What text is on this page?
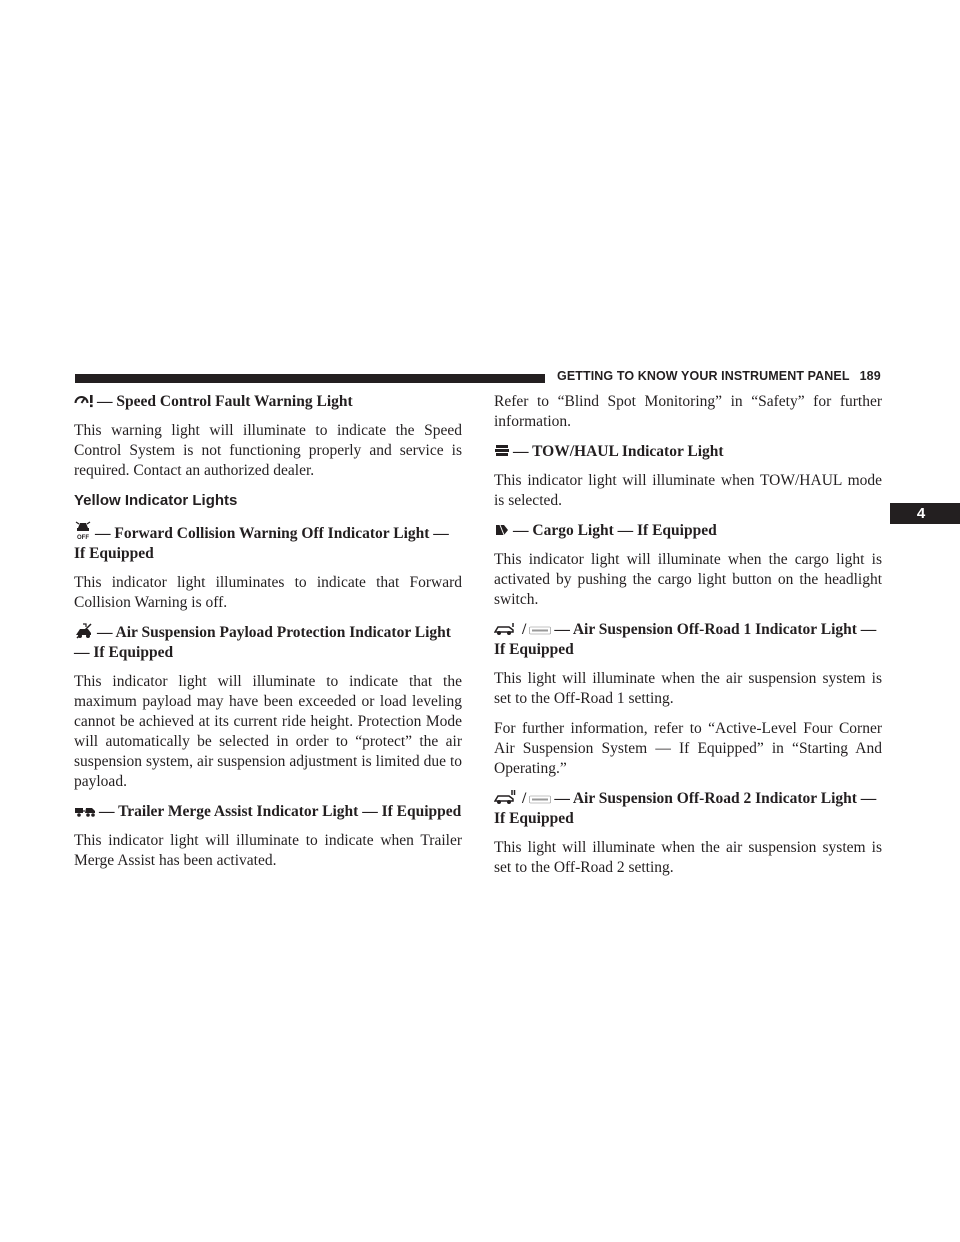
GETTING TO KNOW YOUR INSTRUMENT PANEL 189
4
— Speed Control Fault Warning Light

This warning light will illuminate to indicate the Speed Control System is not functioning properly and service is required. Contact an authorized dealer.

Yellow Indicator Lights
OFF — Forward Collision Warning Off Indicator Light — If Equipped

This indicator light illuminates to indicate that Forward Collision Warning is off.

— Air Suspension Payload Protection Indicator Light — If Equipped

This indicator light will illuminate to indicate that the maximum payload may have been exceeded or load leveling cannot be achieved at its current ride height. Protection Mode will automatically be selected in order to “protect” the air suspension system, air suspension adjustment is limited due to payload.

— Trailer Merge Assist Indicator Light — If Equipped

This indicator light will illuminate to indicate when Trailer Merge Assist has been activated.

Refer to “Blind Spot Monitoring” in “Safety” for further information.

— TOW/HAUL Indicator Light

This indicator light will illuminate when TOW/HAUL mode is selected.

— Cargo Light — If Equipped

This indicator light will illuminate when the cargo light is activated by pushing the cargo light button on the headlight switch.

/ — Air Suspension Off-Road 1 Indicator Light — If Equipped

This light will illuminate when the air suspension system is set to the Off-Road 1 setting.

For further information, refer to “Active-Level Four Corner Air Suspension System — If Equipped” in “Starting And Operating.”

/ — Air Suspension Off-Road 2 Indicator Light — If Equipped

This light will illuminate when the air suspension system is set to the Off-Road 2 setting.
